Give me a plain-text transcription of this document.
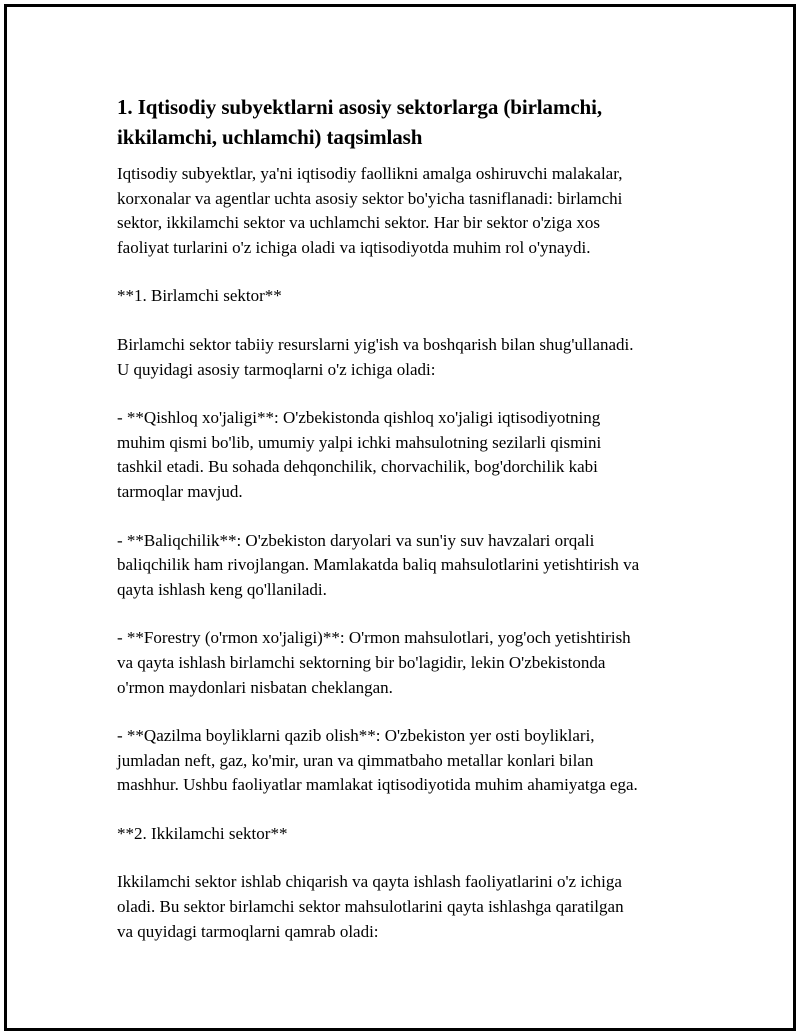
1. Iqtisodiy subyektlarni asosiy sektorlarga (birlamchi,
ikkilamchi, uchlamchi) taqsimlash

Iqtisodiy subyektlar, ya'ni iqtisodiy faollikni amalga oshiruvchi malakalar,
korxonalar va agentlar uchta asosiy sektor bo'yicha tasniflanadi: birlamchi
sektor, ikkilamchi sektor va uchlamchi sektor. Har bir sektor o'ziga xos
faoliyat turlarini o'z ichiga oladi va iqtisodiyotda muhim rol o'ynaydi.

**1. Birlamchi sektor**

Birlamchi sektor tabiiy resurslarni yig'ish va boshqarish bilan shug'ullanadi.
U quyidagi asosiy tarmoqlarni o'z ichiga oladi:

- **Qishloq xo'jaligi**: O'zbekistonda qishloq xo'jaligi iqtisodiyotning
muhim qismi bo'lib, umumiy yalpi ichki mahsulotning sezilarli qismini
tashkil etadi. Bu sohada dehqonchilik, chorvachilik, bog'dorchilik kabi
tarmoqlar mavjud.

- **Baliqchilik**: O'zbekiston daryolari va sun'iy suv havzalari orqali
baliqchilik ham rivojlangan. Mamlakatda baliq mahsulotlarini yetishtirish va
qayta ishlash keng qo'llaniladi.

- **Forestry (o'rmon xo'jaligi)**: O'rmon mahsulotlari, yog'och yetishtirish
va qayta ishlash birlamchi sektorning bir bo'lagidir, lekin O'zbekistonda
o'rmon maydonlari nisbatan cheklangan.

- **Qazilma boyliklarni qazib olish**: O'zbekiston yer osti boyliklari,
jumladan neft, gaz, ko'mir, uran va qimmatbaho metallar konlari bilan
mashhur. Ushbu faoliyatlar mamlakat iqtisodiyotida muhim ahamiyatga ega.

**2. Ikkilamchi sektor**

Ikkilamchi sektor ishlab chiqarish va qayta ishlash faoliyatlarini o'z ichiga
oladi. Bu sektor birlamchi sektor mahsulotlarini qayta ishlashga qaratilgan
va quyidagi tarmoqlarni qamrab oladi:
